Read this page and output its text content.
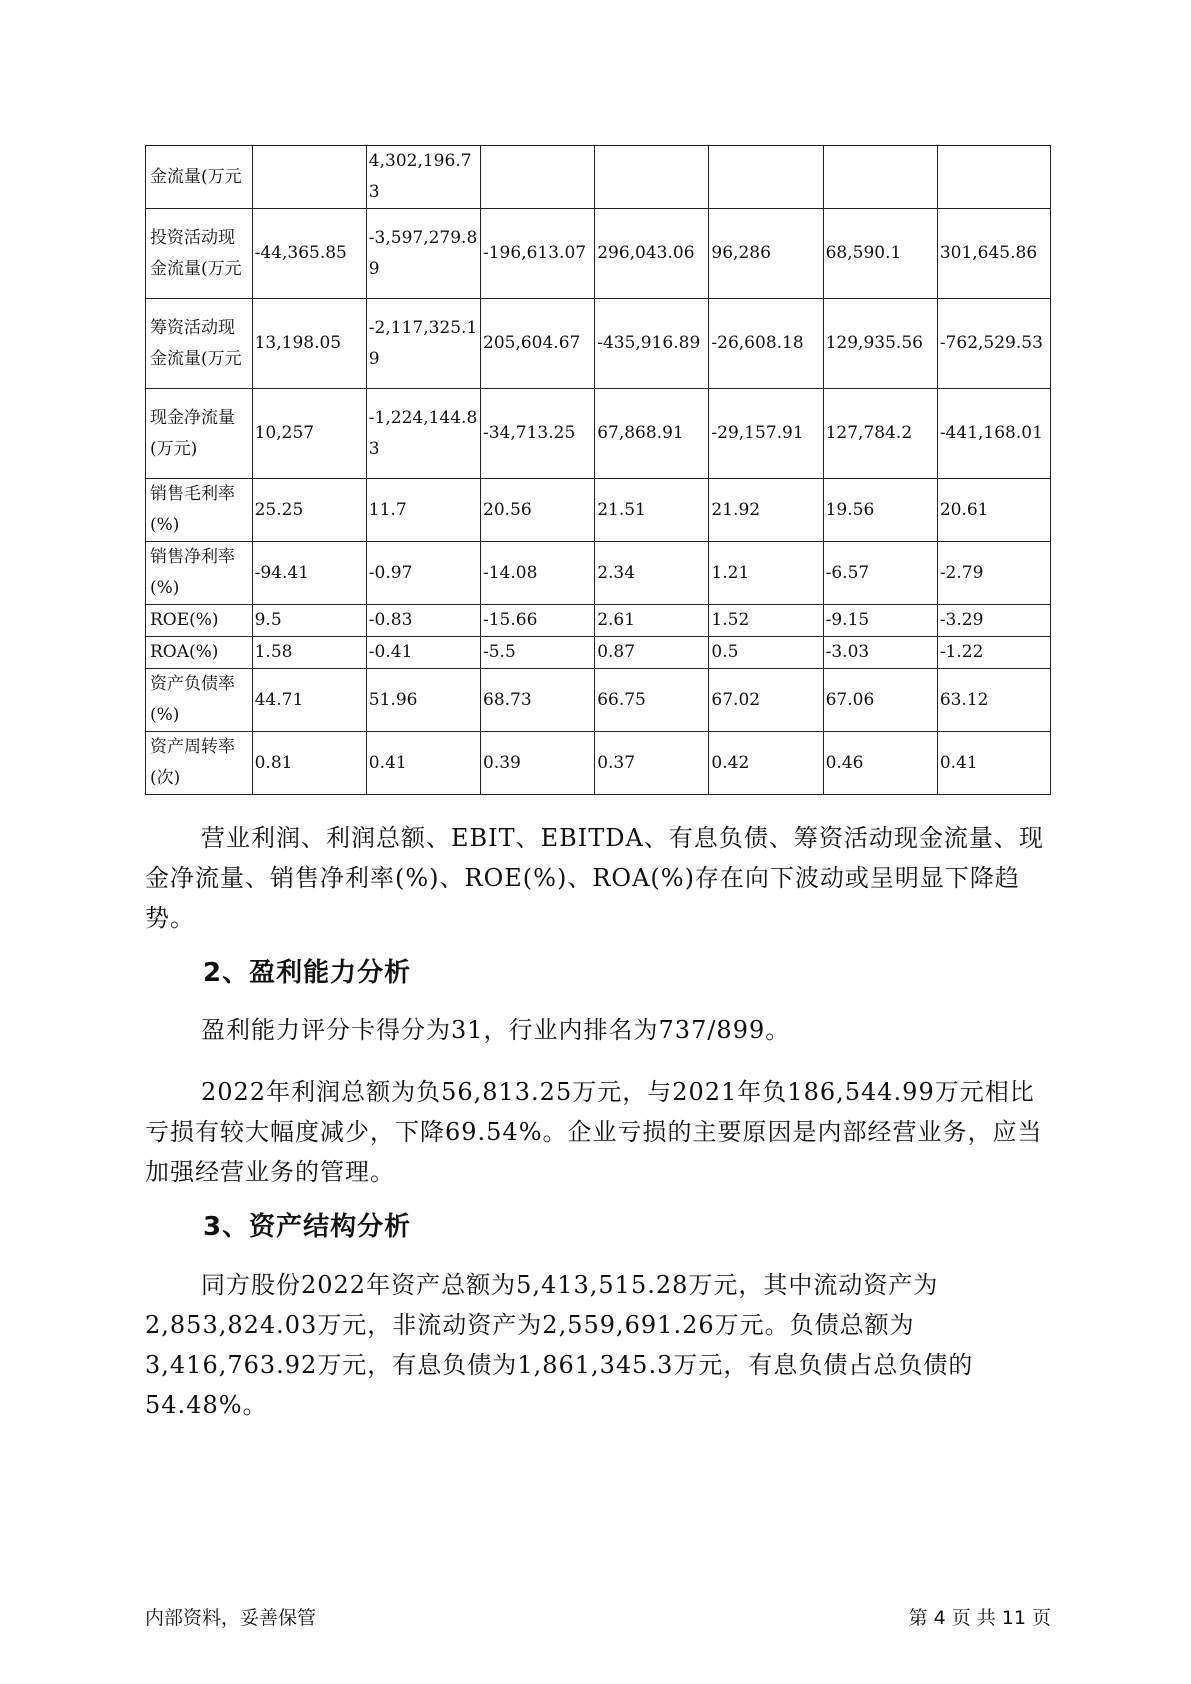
金流量(万元		4,302,196.73					
投资活动现金流量(万元	-44,365.85	-3,597,279.89	-196,613.07	296,043.06	96,286	68,590.1	301,645.86
筹资活动现金流量(万元	13,198.05	-2,117,325.19	205,604.67	-435,916.89	-26,608.18	129,935.56	-762,529.53
现金净流量(万元)	10,257	-1,224,144.83	-34,713.25	67,868.91	-29,157.91	127,784.2	-441,168.01
销售毛利率(%)	25.25	11.7	20.56	21.51	21.92	19.56	20.61
销售净利率(%)	-94.41	-0.97	-14.08	2.34	1.21	-6.57	-2.79
ROE(%)	9.5	-0.83	-15.66	2.61	1.52	-9.15	-3.29
ROA(%)	1.58	-0.41	-5.5	0.87	0.5	-3.03	-1.22
资产负债率(%)	44.71	51.96	68.73	66.75	67.02	67.06	63.12
资产周转率(次)	0.81	0.41	0.39	0.37	0.42	0.46	0.41

营业利润、利润总额、EBIT、EBITDA、有息负债、筹资活动现金流量、现金净流量、销售净利率(%)、ROE(%)、ROA(%)存在向下波动或呈明显下降趋势。

2、盈利能力分析

盈利能力评分卡得分为31，行业内排名为737/899。

2022年利润总额为负56,813.25万元，与2021年负186,544.99万元相比亏损有较大幅度减少，下降69.54%。企业亏损的主要原因是内部经营业务，应当加强经营业务的管理。

3、资产结构分析

同方股份2022年资产总额为5,413,515.28万元，其中流动资产为2,853,824.03万元，非流动资产为2,559,691.26万元。负债总额为3,416,763.92万元，有息负债为1,861,345.3万元，有息负债占总负债的54.48%。

内部资料，妥善保管	第 4 页 共 11 页
